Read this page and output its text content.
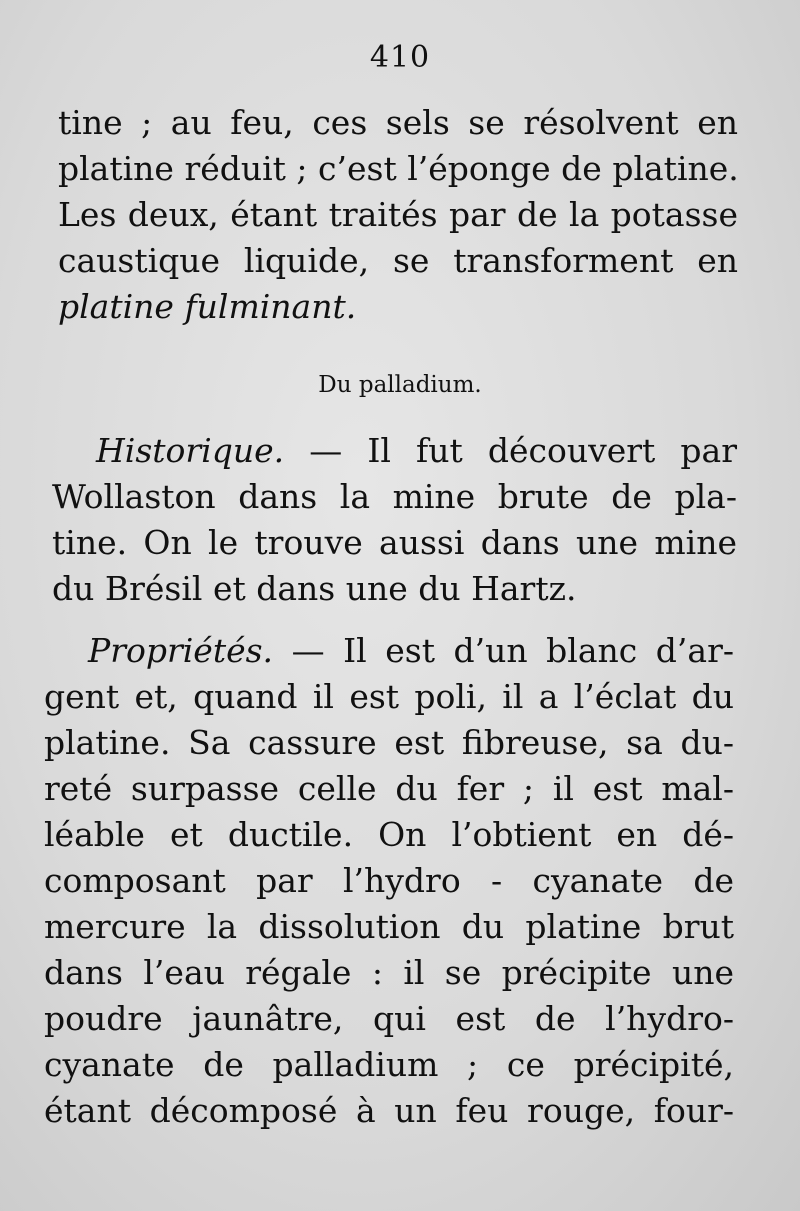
410
tine ; au feu, ces sels se résolvent en
platine réduit ; c’est l’éponge de platine.
Les deux, étant traités par de la potasse
caustique liquide, se transforment en
platine fulminant.
Du palladium.
Historique. — Il fut découvert par
Wollaston dans la mine brute de pla-
tine. On le trouve aussi dans une mine
du Brésil et dans une du Hartz.
Propriétés. — Il est d’un blanc d’ar-
gent et, quand il est poli, il a l’éclat du
platine. Sa cassure est fibreuse, sa du-
reté surpasse celle du fer ; il est mal-
léable et ductile. On l’obtient en dé-
composant par l’hydro - cyanate de
mercure la dissolution du platine brut
dans l’eau régale : il se précipite une
poudre jaunâtre, qui est de l’hydro-
cyanate de palladium ; ce précipité,
étant décomposé à un feu rouge, four-
